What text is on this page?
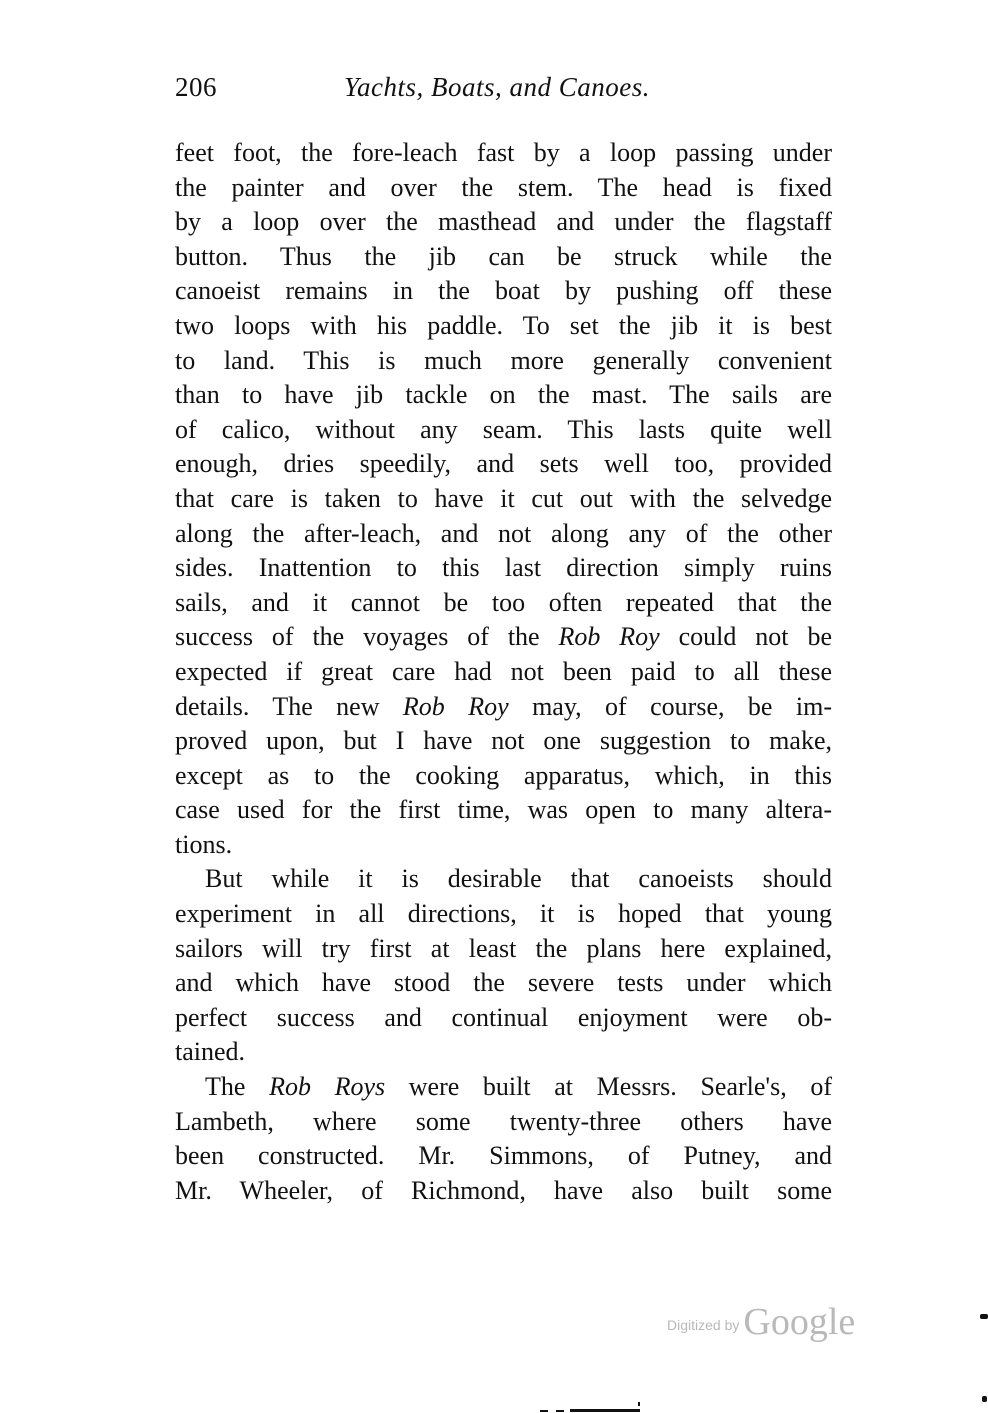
206	Yachts, Boats, and Canoes.
feet foot, the fore-leach fast by a loop passing under
the painter and over the stem. The head is fixed
by a loop over the masthead and under the flagstaff
button. Thus the jib can be struck while the
canoeist remains in the boat by pushing off these
two loops with his paddle. To set the jib it is best
to land. This is much more generally convenient
than to have jib tackle on the mast. The sails are
of calico, without any seam. This lasts quite well
enough, dries speedily, and sets well too, provided
that care is taken to have it cut out with the selvedge
along the after-leach, and not along any of the other
sides. Inattention to this last direction simply ruins
sails, and it cannot be too often repeated that the
success of the voyages of the Rob Roy could not be
expected if great care had not been paid to all these
details. The new Rob Roy may, of course, be im-
proved upon, but I have not one suggestion to make,
except as to the cooking apparatus, which, in this
case used for the first time, was open to many altera-
tions.
But while it is desirable that canoeists should
experiment in all directions, it is hoped that young
sailors will try first at least the plans here explained,
and which have stood the severe tests under which
perfect success and continual enjoyment were ob-
tained.
The Rob Roys were built at Messrs. Searle's, of
Lambeth, where some twenty-three others have
been constructed. Mr. Simmons, of Putney, and
Mr. Wheeler, of Richmond, have also built some
Digitized by Google
